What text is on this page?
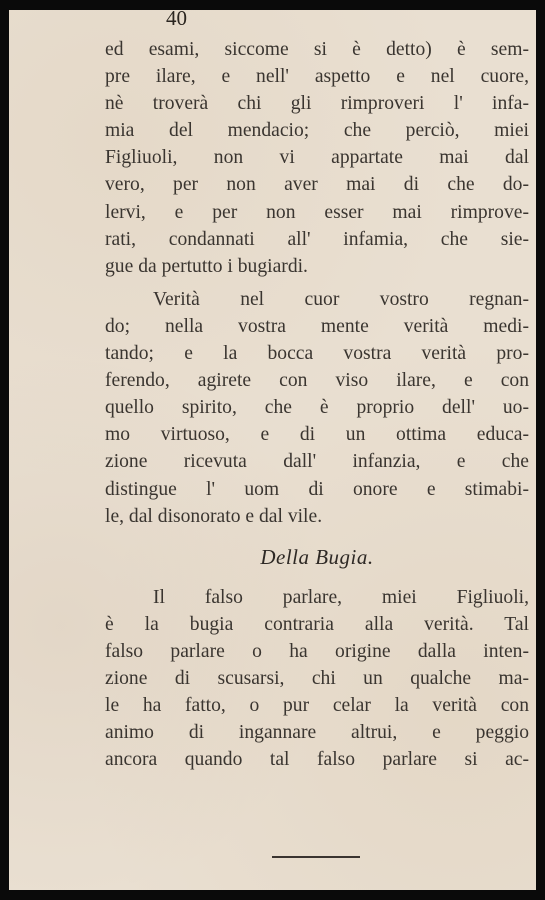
40
ed esami, siccome si è detto) è sem-
pre ilare, e nell' aspetto e nel cuore,
nè troverà chi gli rimproveri l' infa-
mia del mendacio; che perciò, miei
Figliuoli, non vi appartate mai dal
vero, per non aver mai di che do-
lervi, e per non esser mai rimprove-
rati, condannati all' infamia, che sie-
gue da pertutto i bugiardi.
Verità nel cuor vostro regnan-
do; nella vostra mente verità medi-
tando; e la bocca vostra verità pro-
ferendo, agirete con viso ilare, e con
quello spirito, che è proprio dell' uo-
mo virtuoso, e di un ottima educa-
zione ricevuta dall' infanzia, e che
distingue l' uom di onore e stimabi-
le, dal disonorato e dal vile.
Della Bugia.
Il falso parlare, miei Figliuoli,
è la bugia contraria alla verità. Tal
falso parlare o ha origine dalla inten-
zione di scusarsi, chi un qualche ma-
le ha fatto, o pur celar la verità con
animo di ingannare altrui, e peggio
ancora quando tal falso parlare si ac-
